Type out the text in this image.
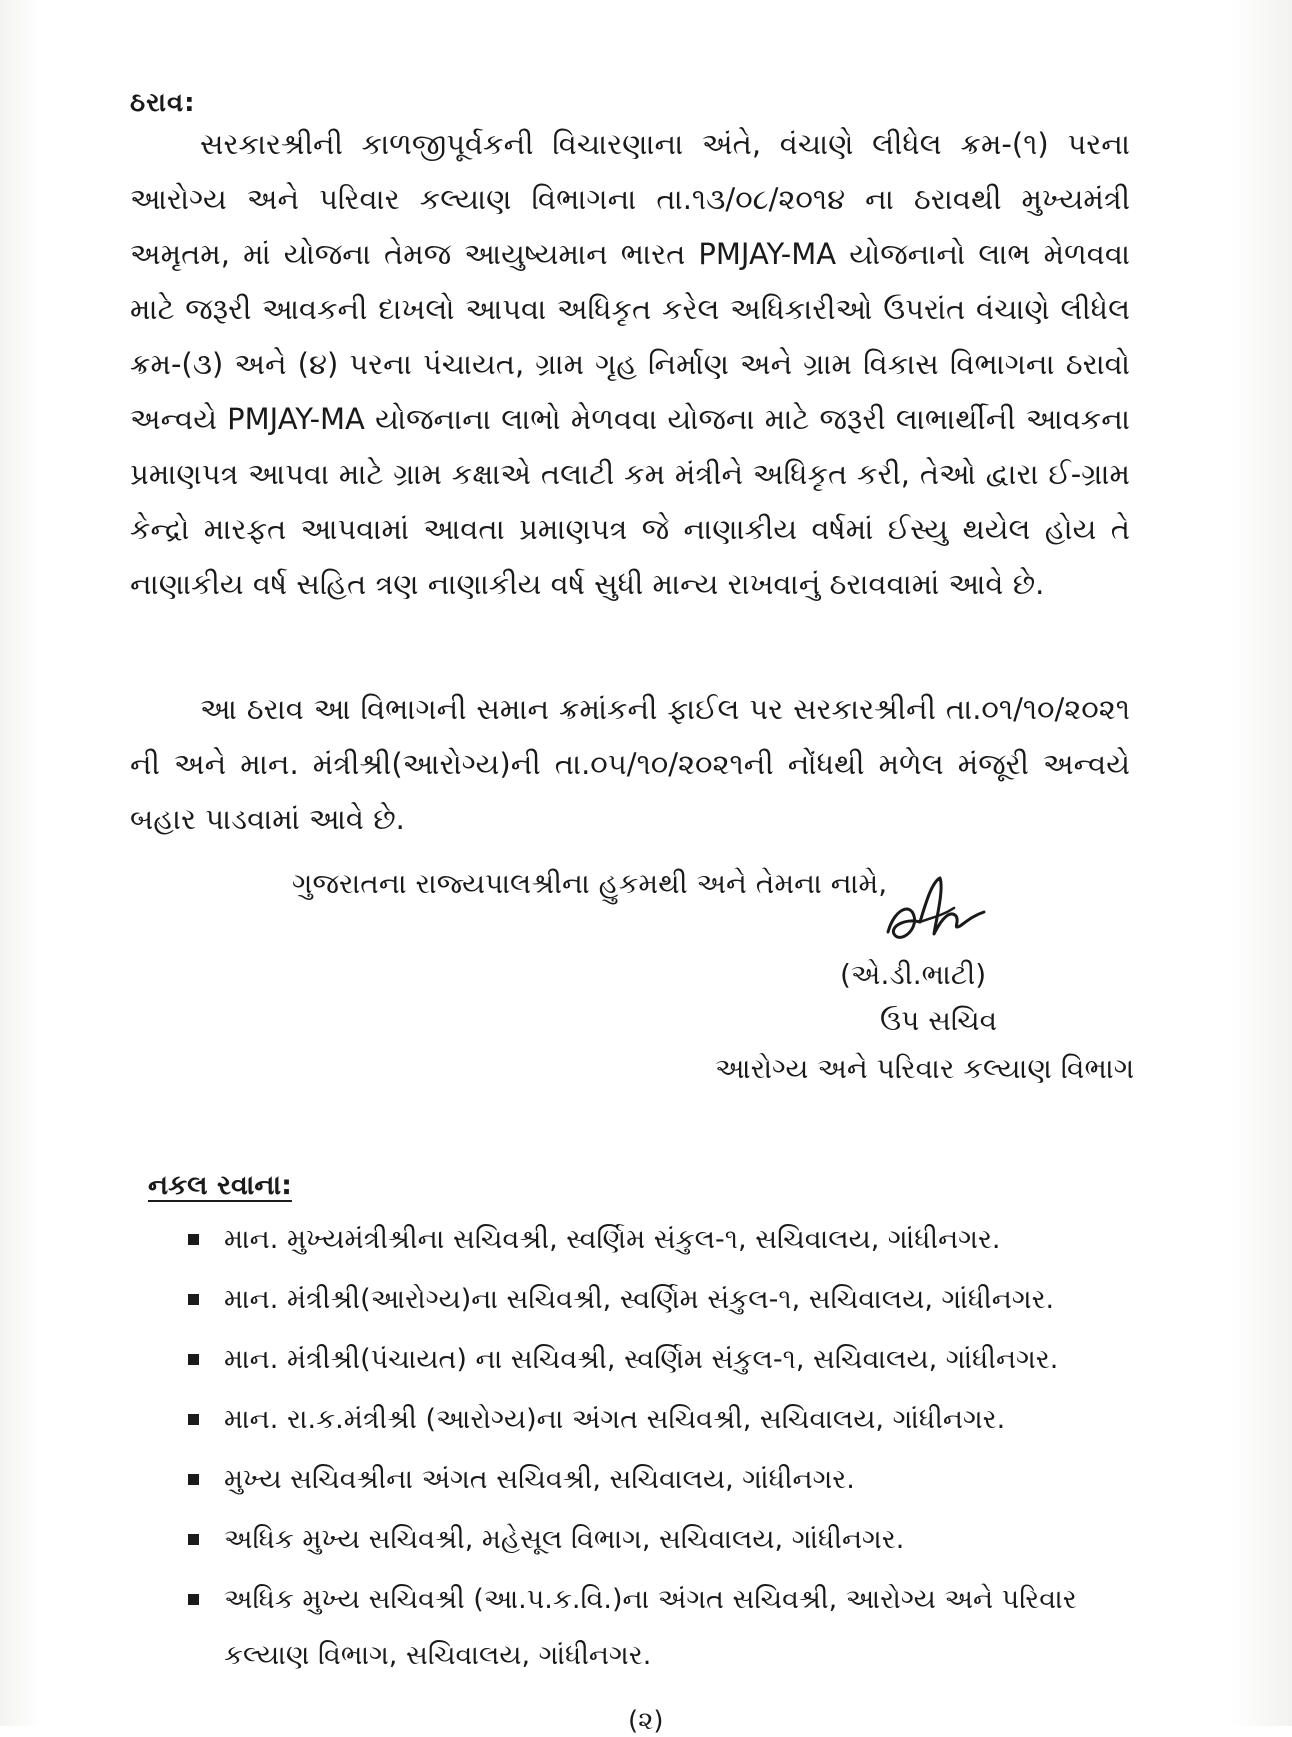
ઠરાવ:
સરકારશ્રીની કાળજીપૂર્વકની વિચારણાના અંતે, વંચાણે લીધેલ ક્રમ-(૧) પરના આરોગ્ય અને પરિવાર કલ્યાણ વિભાગના તા.૧૩/૦૮/૨૦૧૪ ના ઠરાવથી મુખ્યમંત્રી અમૃતમ, માં યોજના તેમજ આયુષ્યમાન ભારત PMJAY-MA યોજનાનો લાભ મેળવવા માટે જરૂરી આવકની દાખલો આપવા અધિકૃત કરેલ અધિકારીઓ ઉપરાંત વંચાણે લીધેલ ક્રમ-(૩) અને (૪) પરના પંચાયત, ગ્રામ ગૃહ નિર્માણ અને ગ્રામ વિકાસ વિભાગના ઠરાવો અન્વયે PMJAY-MA યોજનાના લાભો મેળવવા યોજના માટે જરૂરી લાભાર્થીની આવકના પ્રમાણપત્ર આપવા માટે ગ્રામ કક્ષાએ તલાટી કમ મંત્રીને અધિકૃત કરી, તેઓ દ્વારા ઈ-ગ્રામ કેન્દ્રો મારફત આપવામાં આવતા પ્રમાણપત્ર જે નાણાકીય વર્ષમાં ઈસ્યુ થયેલ હોય તે નાણાકીય વર્ષ સહિત ત્રણ નાણાકીય વર્ષ સુધી માન્ય રાખવાનું ઠરાવવામાં આવે છે.
આ ઠરાવ આ વિભાગની સમાન ક્રમાંકની ફાઈલ પર સરકારશ્રીની તા.૦૧/૧૦/૨૦૨૧ ની અને માન. મંત્રીશ્રી(આરોગ્ય)ની તા.૦૫/૧૦/૨૦૨૧ની નોંધથી મળેલ મંજૂરી અન્વયે બહાર પાડવામાં આવે છે.
ગુજરાતના રાજ્યપાલશ્રીના હુકમથી અને તેમના નામે,
(એ.ડી.ભાટી)
ઉપ સચિવ
આરોગ્ય અને પરિવાર કલ્યાણ વિભાગ
નકલ રવાના:
માન. મુખ્યમંત્રીશ્રીના સચિવશ્રી, સ્વર્ણિમ સંકુલ-૧, સચિવાલય, ગાંધીનગર.
માન. મંત્રીશ્રી(આરોગ્ય)ના સચિવશ્રી, સ્વર્ણિમ સંકુલ-૧, સચિવાલય, ગાંધીનગર.
માન. મંત્રીશ્રી(પંચાયત) ના સચિવશ્રી, સ્વર્ણિમ સંકુલ-૧, સચિવાલય, ગાંધીનગર.
માન. રા.ક.મંત્રીશ્રી (આરોગ્ય)ના અંગત સચિવશ્રી, સચિવાલય, ગાંધીનગર.
મુખ્ય સચિવશ્રીના અંગત સચિવશ્રી, સચિવાલય, ગાંધીનગર.
અધિક મુખ્ય સચિવશ્રી, મહેસૂલ વિભાગ, સચિવાલય, ગાંધીનગર.
અધિક મુખ્ય સચિવશ્રી (આ.પ.ક.વિ.)ના અંગત સચિવશ્રી, આરોગ્ય અને પરિવાર કલ્યાણ વિભાગ, સચિવાલય, ગાંધીનગર.
(૨)
